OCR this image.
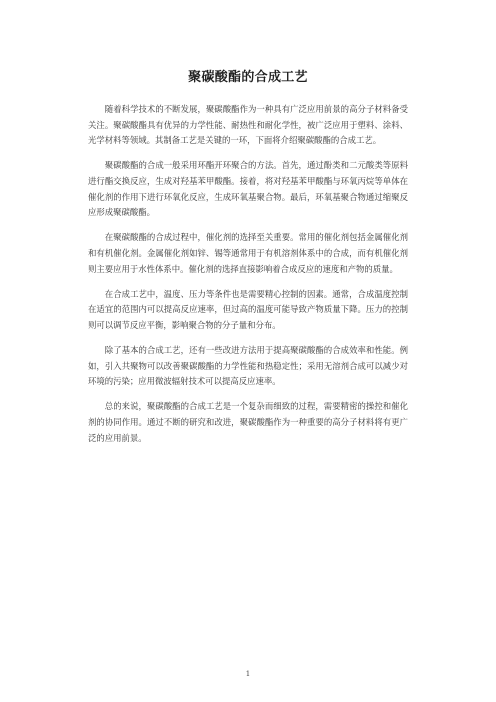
聚碳酸酯的合成工艺

随着科学技术的不断发展，聚碳酸酯作为一种具有广泛应用前景的高分子材料备受关注。聚碳酸酯具有优异的力学性能、耐热性和耐化学性，被广泛应用于塑料、涂料、光学材料等领域。其制备工艺是关键的一环，下面将介绍聚碳酸酯的合成工艺。

聚碳酸酯的合成一般采用环酯开环聚合的方法。首先，通过酚类和二元酸类等原料进行酯交换反应，生成对羟基苯甲酸酯。接着，将对羟基苯甲酸酯与环氧丙烷等单体在催化剂的作用下进行环氧化反应，生成环氧基聚合物。最后，环氧基聚合物通过缩聚反应形成聚碳酸酯。

在聚碳酸酯的合成过程中，催化剂的选择至关重要。常用的催化剂包括金属催化剂和有机催化剂。金属催化剂如锌、锡等通常用于有机溶剂体系中的合成，而有机催化剂则主要应用于水性体系中。催化剂的选择直接影响着合成反应的速度和产物的质量。

在合成工艺中，温度、压力等条件也是需要精心控制的因素。通常，合成温度控制在适宜的范围内可以提高反应速率，但过高的温度可能导致产物质量下降。压力的控制则可以调节反应平衡，影响聚合物的分子量和分布。

除了基本的合成工艺，还有一些改进方法用于提高聚碳酸酯的合成效率和性能。例如，引入共聚物可以改善聚碳酸酯的力学性能和热稳定性；采用无溶剂合成可以减少对环境的污染；应用微波辐射技术可以提高反应速率。

总的来说，聚碳酸酯的合成工艺是一个复杂而细致的过程，需要精密的操控和催化剂的协同作用。通过不断的研究和改进，聚碳酸酯作为一种重要的高分子材料将有更广泛的应用前景。

1
